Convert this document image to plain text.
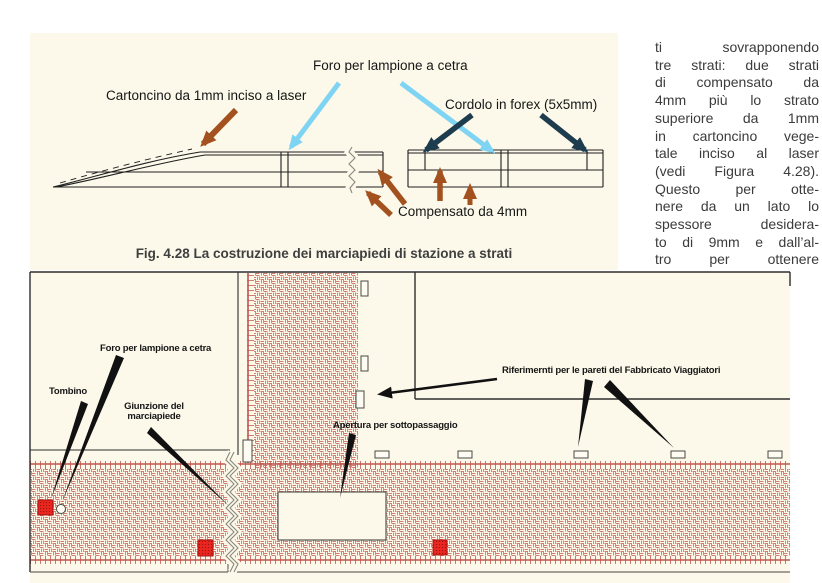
Foro per lampione a cetra
Cartoncino da 1mm inciso a laser
Cordolo in forex (5x5mm)
Compensato da 4mm
Fig. 4.28 La costruzione dei marciapiedi di stazione a strati
ti sovrapponendo
tre strati: due strati
di compensato da
4mm più lo strato
superiore da 1mm
in cartoncino vege-
tale inciso al laser
(vedi Figura 4.28).
Questo per otte-
nere da un lato lo
spessore desidera-
to di 9mm e dall’al-
tro per ottenere
Foro per lampione a cetra
Tombino
Giunzione del
marciapiede
Apertura per sottopassaggio
Riferimernti per le pareti del Fabbricato Viaggiatori
